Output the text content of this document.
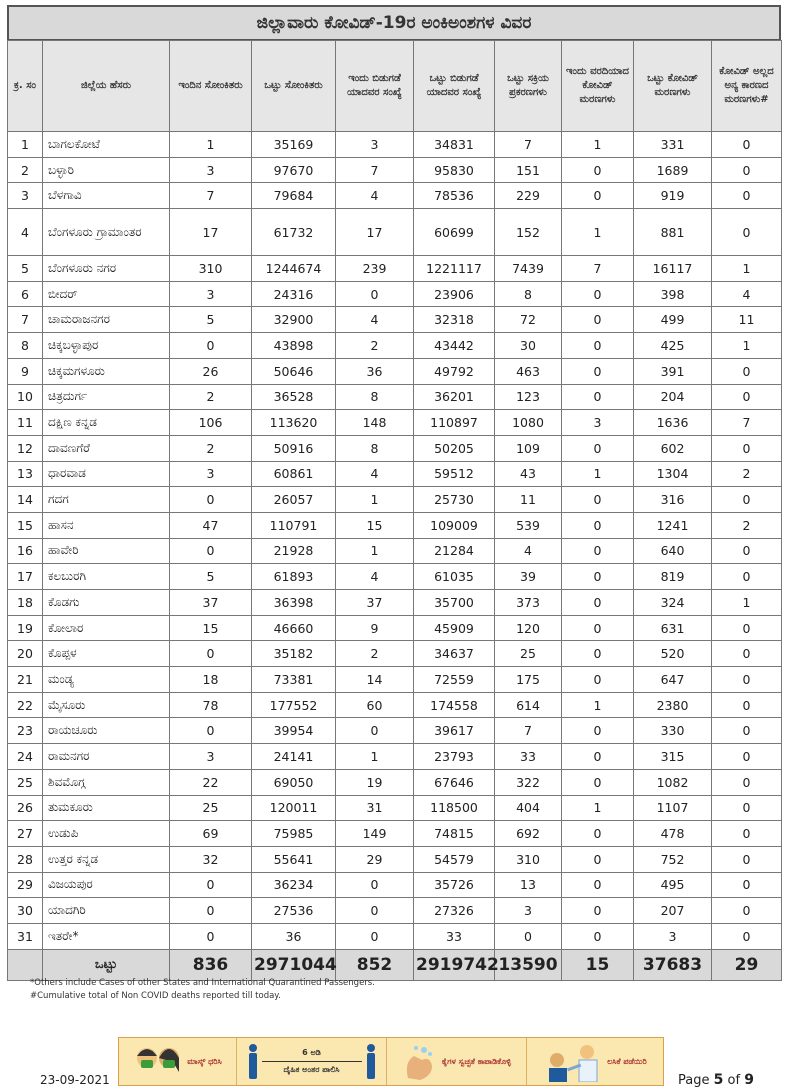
ಜಿಲ್ಲಾವಾರು ಕೋವಿಡ್‌-19ರ ಅಂಕಿಅಂಶಗಳ ವಿವರ
ಕ್ರ. ಸಂ	ಜಿಲ್ಲೆಯ ಹೆಸರು	ಇಂದಿನ ಸೋಂಕಿತರು	ಒಟ್ಟು ಸೋಂಕಿತರು	ಇಂದು ಬಿಡುಗಡೆ ಯಾದವರ ಸಂಖ್ಯೆ	ಒಟ್ಟು ಬಿಡುಗಡೆ ಯಾದವರ ಸಂಖ್ಯೆ	ಒಟ್ಟು ಸಕ್ರಿಯ ಪ್ರಕರಣಗಳು	ಇಂದು ವರದಿಯಾದ ಕೋವಿಡ್‌ ಮರಣಗಳು	ಒಟ್ಟು ಕೋವಿಡ್‌ ಮರಣಗಳು	ಕೋವಿಡ್‌ ಅಲ್ಲದ ಅನ್ಯ ಕಾರಣದ ಮರಣಗಳು#
1	ಬಾಗಲಕೋಟೆ	1	35169	3	34831	7	1	331	0
2	ಬಳ್ಳಾರಿ	3	97670	7	95830	151	0	1689	0
3	ಬೆಳಗಾವಿ	7	79684	4	78536	229	0	919	0
4	ಬೆಂಗಳೂರು ಗ್ರಾಮಾಂತರ	17	61732	17	60699	152	1	881	0
5	ಬೆಂಗಳೂರು ನಗರ	310	1244674	239	1221117	7439	7	16117	1
6	ಬೀದರ್	3	24316	0	23906	8	0	398	4
7	ಚಾಮರಾಜನಗರ	5	32900	4	32318	72	0	499	11
8	ಚಿಕ್ಕಬಳ್ಳಾಪುರ	0	43898	2	43442	30	0	425	1
9	ಚಿಕ್ಕಮಗಳೂರು	26	50646	36	49792	463	0	391	0
10	ಚಿತ್ರದುರ್ಗ	2	36528	8	36201	123	0	204	0
11	ದಕ್ಷಿಣ ಕನ್ನಡ	106	113620	148	110897	1080	3	1636	7
12	ದಾವಣಗೆರೆ	2	50916	8	50205	109	0	602	0
13	ಧಾರವಾಡ	3	60861	4	59512	43	1	1304	2
14	ಗದಗ	0	26057	1	25730	11	0	316	0
15	ಹಾಸನ	47	110791	15	109009	539	0	1241	2
16	ಹಾವೇರಿ	0	21928	1	21284	4	0	640	0
17	ಕಲಬುರಗಿ	5	61893	4	61035	39	0	819	0
18	ಕೊಡಗು	37	36398	37	35700	373	0	324	1
19	ಕೋಲಾರ	15	46660	9	45909	120	0	631	0
20	ಕೊಪ್ಪಳ	0	35182	2	34637	25	0	520	0
21	ಮಂಡ್ಯ	18	73381	14	72559	175	0	647	0
22	ಮೈಸೂರು	78	177552	60	174558	614	1	2380	0
23	ರಾಯಚೂರು	0	39954	0	39617	7	0	330	0
24	ರಾಮನಗರ	3	24141	1	23793	33	0	315	0
25	ಶಿವಮೊಗ್ಗ	22	69050	19	67646	322	0	1082	0
26	ತುಮಕೂರು	25	120011	31	118500	404	1	1107	0
27	ಉಡುಪಿ	69	75985	149	74815	692	0	478	0
28	ಉತ್ತರ ಕನ್ನಡ	32	55641	29	54579	310	0	752	0
29	ವಿಜಯಪುರ	0	36234	0	35726	13	0	495	0
30	ಯಾದಗಿರಿ	0	27536	0	27326	3	0	207	0
31	ಇತರೇ*	0	36	0	33	0	0	3	0
	ಒಟ್ಟು	836	2971044	852	2919742	13590	15	37683	29
*Others include Cases of other States and International Quarantined Passengers.
#Cumulative total of Non COVID deaths reported till today.
ಮಾಸ್ಕ್ ಧರಿಸಿ
6 ಅಡಿ
ದೈಹಿಕ ಅಂತರ ಪಾಲಿಸಿ
ಕೈಗಳ ಸ್ವಚ್ಛತೆ ಕಾಪಾಡಿಕೊಳ್ಳಿ	ಲಸಿಕೆ ಪಡೆಯಿರಿ
23-09-2021	Page 5 of 9
